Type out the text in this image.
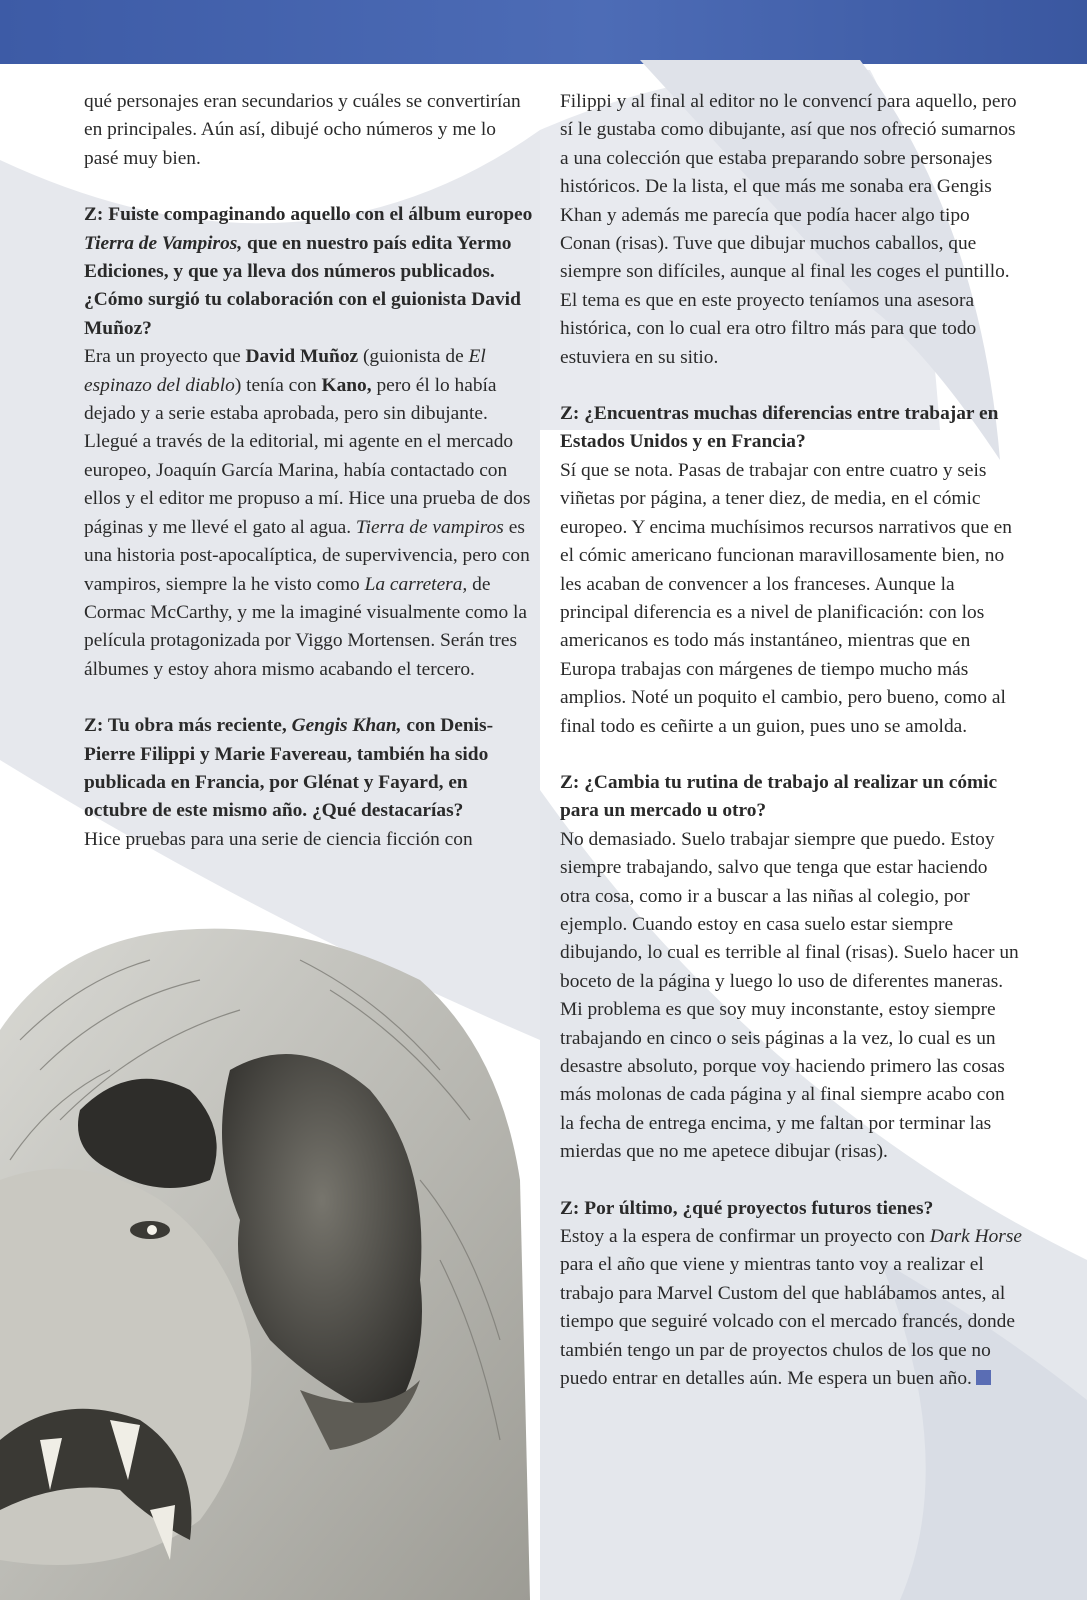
qué personajes eran secundarios y cuáles se convertirían en principales. Aún así, dibujé ocho números y me lo pasé muy bien.

Z: Fuiste compaginando aquello con el álbum europeo Tierra de Vampiros, que en nuestro país edita Yermo Ediciones, y que ya lleva dos números publicados. ¿Cómo surgió tu colaboración con el guionista David Muñoz?

Era un proyecto que David Muñoz (guionista de El espinazo del diablo) tenía con Kano, pero él lo había dejado y a serie estaba aprobada, pero sin dibujante. Llegué a través de la editorial, mi agente en el mercado europeo, Joaquín García Marina, había contactado con ellos y el editor me propuso a mí. Hice una prueba de dos páginas y me llevé el gato al agua. Tierra de vampiros es una historia post-apocalíptica, de supervivencia, pero con vampiros, siempre la he visto como La carretera, de Cormac McCarthy, y me la imaginé visualmente como la película protagonizada por Viggo Mortensen. Serán tres álbumes y estoy ahora mismo acabando el tercero.

Z: Tu obra más reciente, Gengis Khan, con Denis-Pierre Filippi y Marie Favereau, también ha sido publicada en Francia, por Glénat y Fayard, en octubre de este mismo año. ¿Qué destacarías?

Hice pruebas para una serie de ciencia ficción con

Filippi y al final al editor no le convencí para aquello, pero sí le gustaba como dibujante, así que nos ofreció sumarnos a una colección que estaba preparando sobre personajes históricos. De la lista, el que más me sonaba era Gengis Khan y además me parecía que podía hacer algo tipo Conan (risas). Tuve que dibujar muchos caballos, que siempre son difíciles, aunque al final les coges el puntillo. El tema es que en este proyecto teníamos una asesora histórica, con lo cual era otro filtro más para que todo estuviera en su sitio.

Z: ¿Encuentras muchas diferencias entre trabajar en Estados Unidos y en Francia?

Sí que se nota. Pasas de trabajar con entre cuatro y seis viñetas por página, a tener diez, de media, en el cómic europeo. Y encima muchísimos recursos narrativos que en el cómic americano funcionan maravillosamente bien, no les acaban de convencer a los franceses. Aunque la principal diferencia es a nivel de planificación: con los americanos es todo más instantáneo, mientras que en Europa trabajas con márgenes de tiempo mucho más amplios. Noté un poquito el cambio, pero bueno, como al final todo es ceñirte a un guion, pues uno se amolda.

Z: ¿Cambia tu rutina de trabajo al realizar un cómic para un mercado u otro?

No demasiado. Suelo trabajar siempre que puedo. Estoy siempre trabajando, salvo que tenga que estar haciendo otra cosa, como ir a buscar a las niñas al colegio, por ejemplo. Cuando estoy en casa suelo estar siempre dibujando, lo cual es terrible al final (risas). Suelo hacer un boceto de la página y luego lo uso de diferentes maneras. Mi problema es que soy muy inconstante, estoy siempre trabajando en cinco o seis páginas a la vez, lo cual es un desastre absoluto, porque voy haciendo primero las cosas más molonas de cada página y al final siempre acabo con la fecha de entrega encima, y me faltan por terminar las mierdas que no me apetece dibujar (risas).

Z: Por último, ¿qué proyectos futuros tienes?

Estoy a la espera de confirmar un proyecto con Dark Horse para el año que viene y mientras tanto voy a realizar el trabajo para Marvel Custom del que hablábamos antes, al tiempo que seguiré volcado con el mercado francés, donde también tengo un par de proyectos chulos de los que no puedo entrar en detalles aún. Me espera un buen año.
